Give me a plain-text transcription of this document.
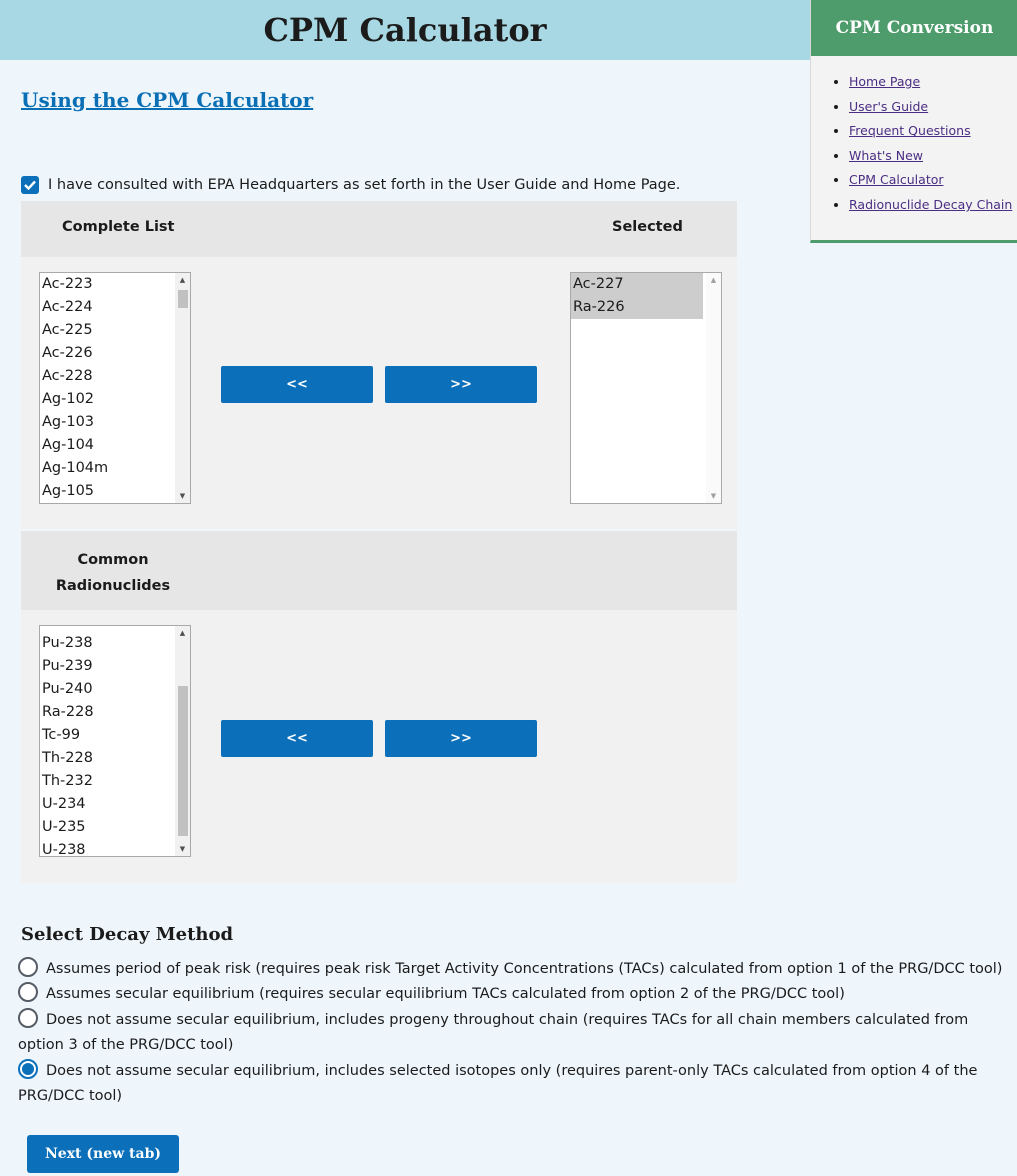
CPM Calculator	CPM Conversion
• Home Page
• User's Guide
• Frequent Questions
• What's New
• CPM Calculator
• Radionuclide Decay Chain
Using the CPM Calculator
I have consulted with EPA Headquarters as set forth in the User Guide and Home Page.
Complete List	Selected
Ac-223
Ac-224
Ac-225
Ac-226
Ac-228
Ag-102
Ag-103
Ag-104
Ag-104m
Ag-105
▲
▼
<<	>>
Ac-227
Ra-226
▲
▼
Common
Radionuclides
Pu-238
Pu-239
Pu-240
Ra-228
Tc-99
Th-228
Th-232
U-234
U-235
U-238
▲
▼
<<	>>
Select Decay Method
Assumes period of peak risk (requires peak risk Target Activity Concentrations (TACs) calculated from option 1 of the PRG/DCC tool)
Assumes secular equilibrium (requires secular equilibrium TACs calculated from option 2 of the PRG/DCC tool)
Does not assume secular equilibrium, includes progeny throughout chain (requires TACs for all chain members calculated from option 3 of the PRG/DCC tool)
Does not assume secular equilibrium, includes selected isotopes only (requires parent-only TACs calculated from option 4 of the PRG/DCC tool)
Next (new tab)
